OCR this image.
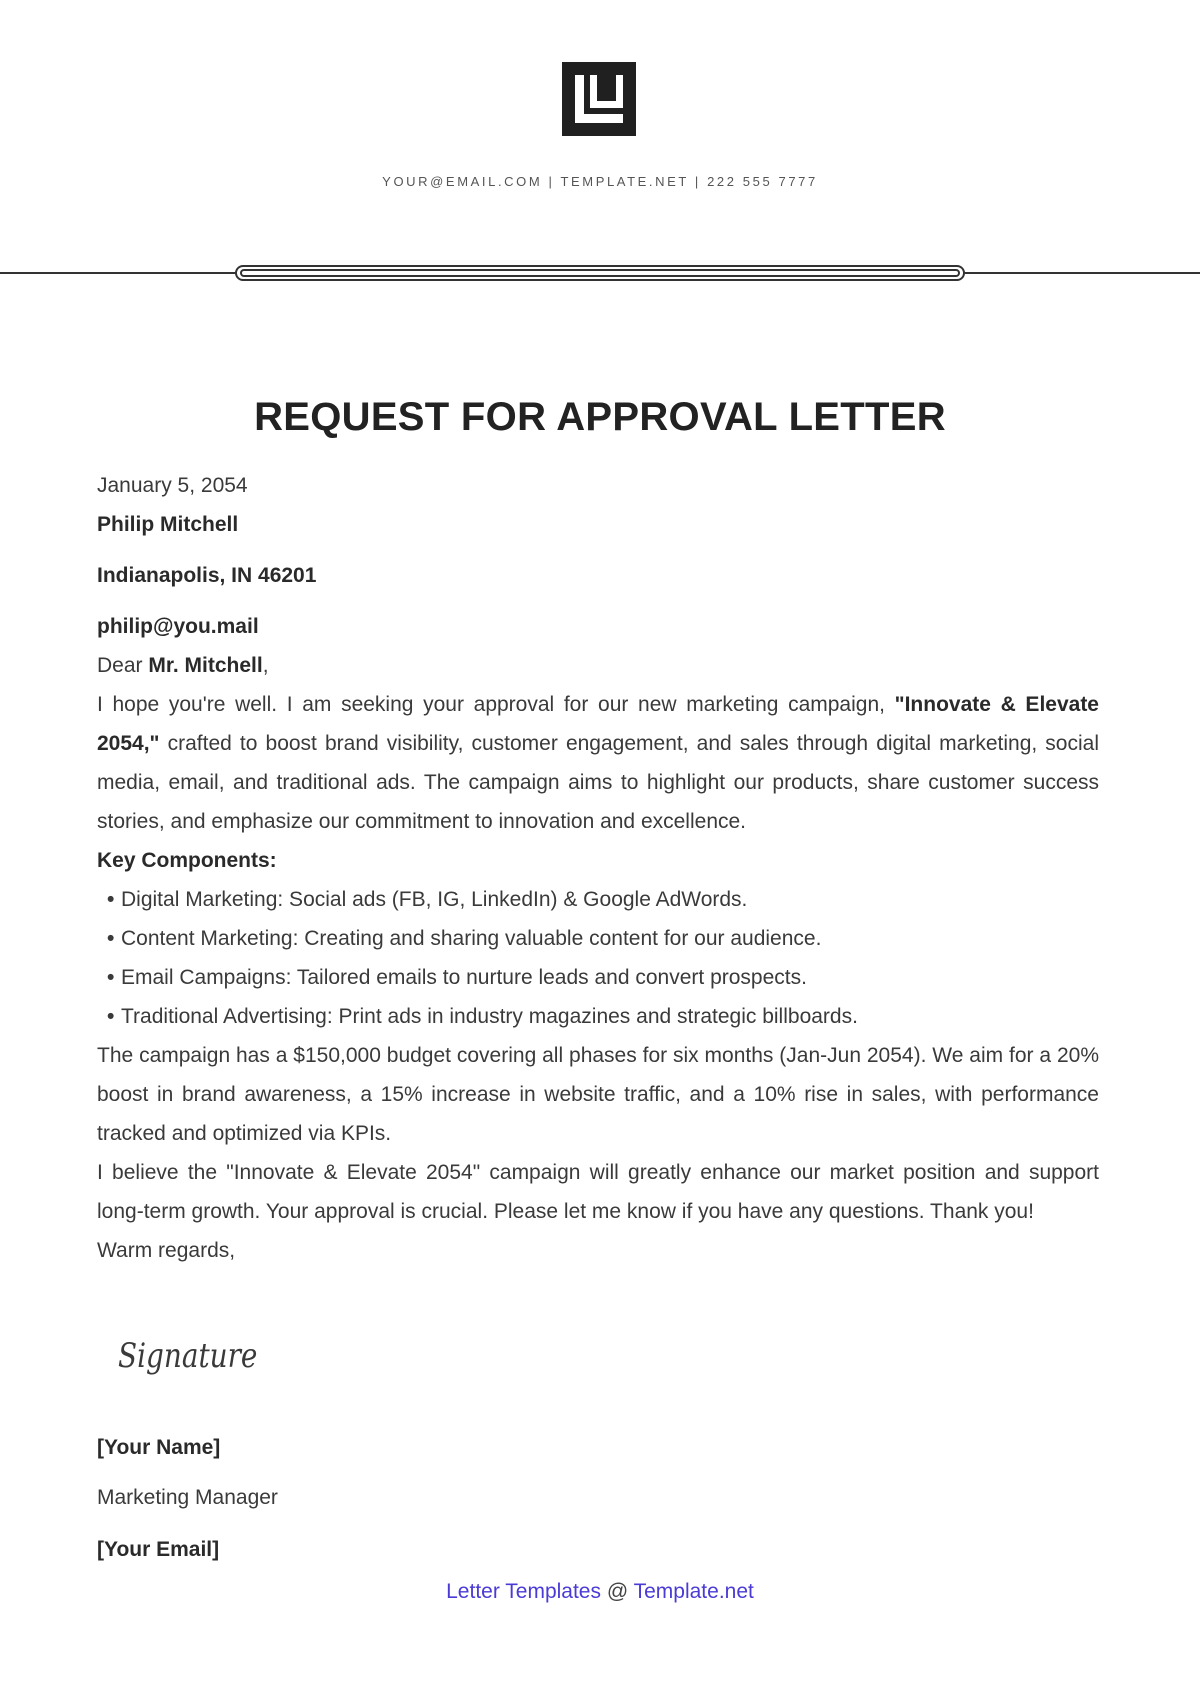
YOUR@EMAIL.COM | TEMPLATE.NET | 222 555 7777
REQUEST FOR APPROVAL LETTER

January 5, 2054

Philip Mitchell

Indianapolis, IN 46201

philip@you.mail

Dear Mr. Mitchell,

I hope you're well. I am seeking your approval for our new marketing campaign, "Innovate & Elevate 2054," crafted to boost brand visibility, customer engagement, and sales through digital marketing, social media, email, and traditional ads. The campaign aims to highlight our products, share customer success stories, and emphasize our commitment to innovation and excellence.

Key Components:

• Digital Marketing: Social ads (FB, IG, LinkedIn) & Google AdWords.
• Content Marketing: Creating and sharing valuable content for our audience.
• Email Campaigns: Tailored emails to nurture leads and convert prospects.
• Traditional Advertising: Print ads in industry magazines and strategic billboards.

The campaign has a $150,000 budget covering all phases for six months (Jan-Jun 2054). We aim for a 20% boost in brand awareness, a 15% increase in website traffic, and a 10% rise in sales, with performance tracked and optimized via KPIs.

I believe the "Innovate & Elevate 2054" campaign will greatly enhance our market position and support long-term growth. Your approval is crucial. Please let me know if you have any questions. Thank you!

Warm regards,

Signature
[Your Name]
Marketing Manager
[Your Email]
Letter Templates @ Template.net
